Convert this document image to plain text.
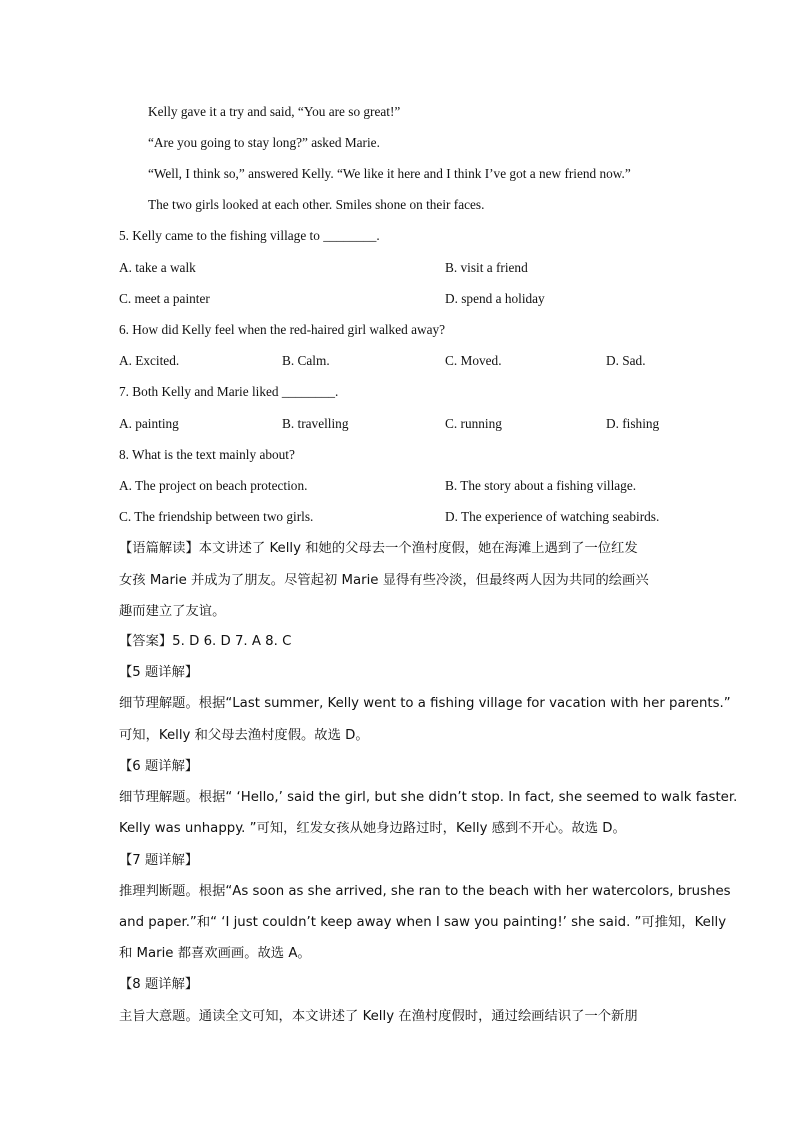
Kelly gave it a try and said, “You are so great!”
“Are you going to stay long?” asked Marie.
“Well, I think so,” answered Kelly. “We like it here and I think I’ve got a new friend now.”
The two girls looked at each other. Smiles shone on their faces.
5. Kelly came to the fishing village to ________.
A. take a walk	B. visit a friend
C. meet a painter	D. spend a holiday
6. How did Kelly feel when the red-haired girl walked away?
A. Excited.	B. Calm.	C. Moved.	D. Sad.
7. Both Kelly and Marie liked ________.
A. painting	B. travelling	C. running	D. fishing
8. What is the text mainly about?
A. The project on beach protection.	B. The story about a fishing village.
C. The friendship between two girls.	D. The experience of watching seabirds.
【语篇解读】本文讲述了 Kelly 和她的父母去一个渔村度假，她在海滩上遇到了一位红发
女孩 Marie 并成为了朋友。尽管起初 Marie 显得有些冷淡，但最终两人因为共同的绘画兴
趣而建立了友谊。
【答案】5. D 6. D 7. A 8. C
【5 题详解】
细节理解题。根据“Last summer, Kelly went to a fishing village for vacation with her parents.”
可知，Kelly 和父母去渔村度假。故选 D。
【6 题详解】
细节理解题。根据“ ‘Hello,’ said the girl, but she didn’t stop. In fact, she seemed to walk faster.
Kelly was unhappy. ”可知，红发女孩从她身边路过时，Kelly 感到不开心。故选 D。
【7 题详解】
推理判断题。根据“As soon as she arrived, she ran to the beach with her watercolors, brushes
and paper.”和“ ‘I just couldn’t keep away when I saw you painting!’ she said. ”可推知，Kelly
和 Marie 都喜欢画画。故选 A。
【8 题详解】
主旨大意题。通读全文可知，本文讲述了 Kelly 在渔村度假时，通过绘画结识了一个新朋
